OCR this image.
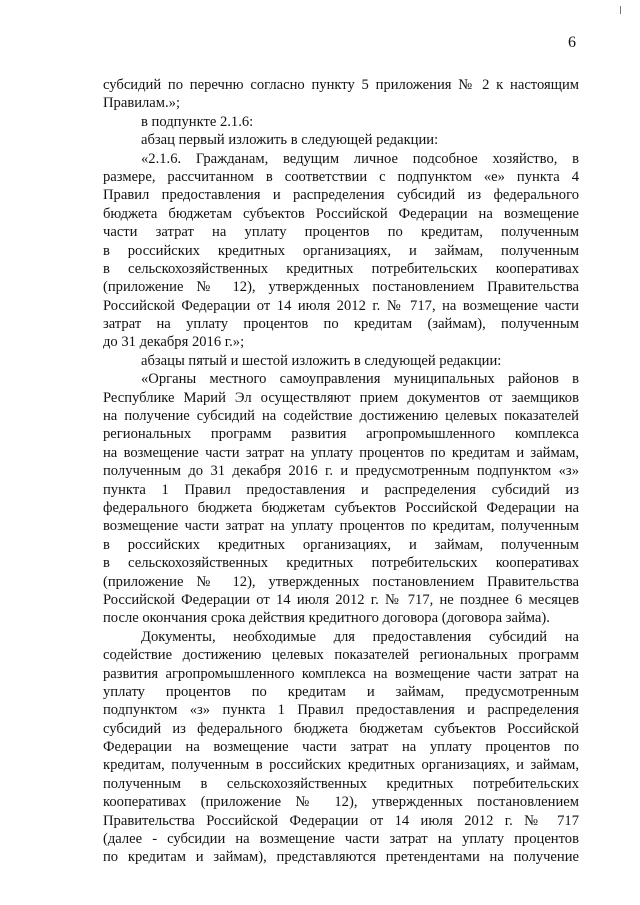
6
субсидий по перечню согласно пункту 5 приложения № 2 к настоящим
Правилам.»;
в подпункте 2.1.6:
абзац первый изложить в следующей редакции:
«2.1.6. Гражданам, ведущим личное подсобное хозяйство, в
размере, рассчитанном в соответствии с подпунктом «е» пункта 4
Правил предоставления и распределения субсидий из федерального
бюджета бюджетам субъектов Российской Федерации на возмещение
части затрат на уплату процентов по кредитам, полученным
в российских кредитных организациях, и займам, полученным
в сельскохозяйственных кредитных потребительских кооперативах
(приложение № 12), утвержденных постановлением Правительства
Российской Федерации от 14 июля 2012 г. № 717, на возмещение части
затрат на уплату процентов по кредитам (займам), полученным
до 31 декабря 2016 г.»;
абзацы пятый и шестой изложить в следующей редакции:
«Органы местного самоуправления муниципальных районов в
Республике Марий Эл осуществляют прием документов от заемщиков
на получение субсидий на содействие достижению целевых показателей
региональных программ развития агропромышленного комплекса
на возмещение части затрат на уплату процентов по кредитам и займам,
полученным до 31 декабря 2016 г. и предусмотренным подпунктом «з»
пункта 1 Правил предоставления и распределения субсидий из
федерального бюджета бюджетам субъектов Российской Федерации на
возмещение части затрат на уплату процентов по кредитам, полученным
в российских кредитных организациях, и займам, полученным
в сельскохозяйственных кредитных потребительских кооперативах
(приложение № 12), утвержденных постановлением Правительства
Российской Федерации от 14 июля 2012 г. № 717, не позднее 6 месяцев
после окончания срока действия кредитного договора (договора займа).
Документы, необходимые для предоставления субсидий на
содействие достижению целевых показателей региональных программ
развития агропромышленного комплекса на возмещение части затрат на
уплату процентов по кредитам и займам, предусмотренным
подпунктом «з» пункта 1 Правил предоставления и распределения
субсидий из федерального бюджета бюджетам субъектов Российской
Федерации на возмещение части затрат на уплату процентов по
кредитам, полученным в российских кредитных организациях, и займам,
полученным в сельскохозяйственных кредитных потребительских
кооперативах (приложение № 12), утвержденных постановлением
Правительства Российской Федерации от 14 июля 2012 г. № 717
(далее - субсидии на возмещение части затрат на уплату процентов
по кредитам и займам), представляются претендентами на получение
